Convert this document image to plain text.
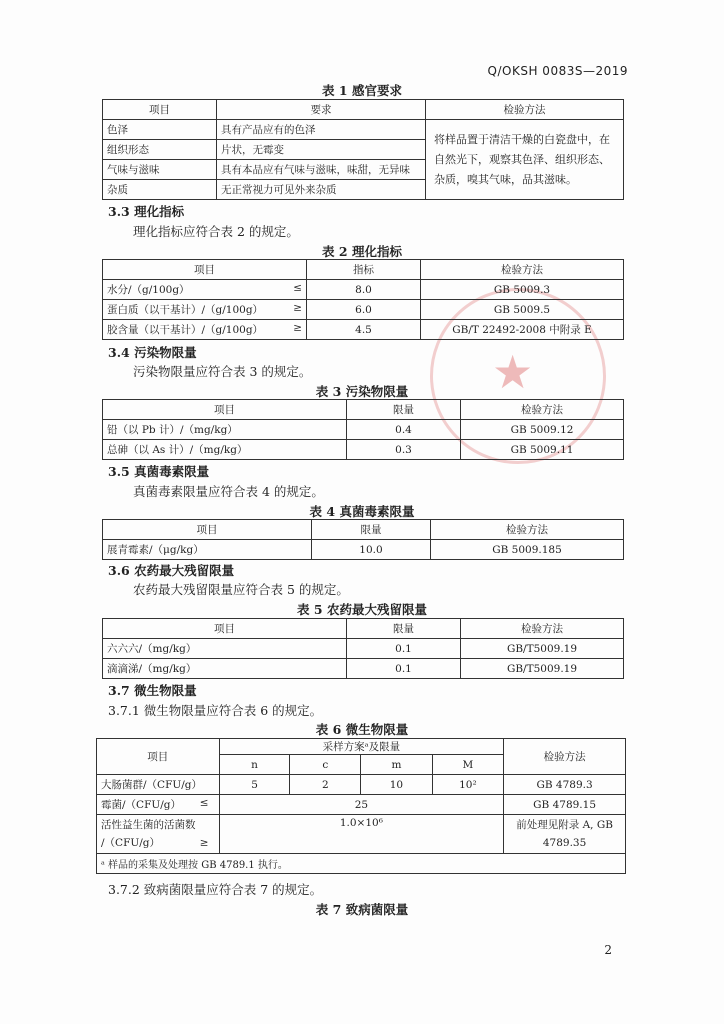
★
Q/OKSH 0083S—2019
表 1 感官要求
项目	要求	检验方法
色泽	具有产品应有的色泽	将样品置于清洁干燥的白瓷盘中，在自然光下，观察其色泽、组织形态、杂质，嗅其气味，品其滋味。
组织形态	片状，无霉变	
气味与滋味	具有本品应有气味与滋味，味甜，无异味	
杂质	无正常视力可见外来杂质	
3.3 理化指标
理化指标应符合表 2 的规定。
表 2 理化指标
项目	指标	检验方法
水分/（g/100g） ≤	8.0	GB 5009.3
蛋白质（以干基计）/（g/100g） ≥	6.0	GB 5009.5
胶含量（以干基计）/（g/100g） ≥	4.5	GB/T 22492-2008 中附录 E
3.4 污染物限量
污染物限量应符合表 3 的规定。
表 3 污染物限量
项目	限量	检验方法
铅（以 Pb 计）/（mg/kg）	0.4	GB 5009.12
总砷（以 As 计）/（mg/kg）	0.3	GB 5009.11
3.5 真菌毒素限量
真菌毒素限量应符合表 4 的规定。
表 4 真菌毒素限量
项目	限量	检验方法
展青霉素/（μg/kg）	10.0	GB 5009.185
3.6 农药最大残留限量
农药最大残留限量应符合表 5 的规定。
表 5 农药最大残留限量
项目	限量	检验方法
六六六/（mg/kg）	0.1	GB/T5009.19
滴滴涕/（mg/kg）	0.1	GB/T5009.19
3.7 微生物限量
3.7.1 微生物限量应符合表 6 的规定。
表 6 微生物限量
项目	采样方案ᵃ及限量				检验方法
	n	c	m	M	
大肠菌群/（CFU/g）	5	2	10	10²	GB 4789.3
霉菌/（CFU/g） ≤	25				GB 4789.15

活性益生菌的活菌数
/（CFU/g） ≥	1.0×10⁶				前处理见附录 A, GB 4789.35
ᵃ 样品的采集及处理按 GB 4789.1 执行。					
3.7.2 致病菌限量应符合表 7 的规定。
表 7 致病菌限量
2
